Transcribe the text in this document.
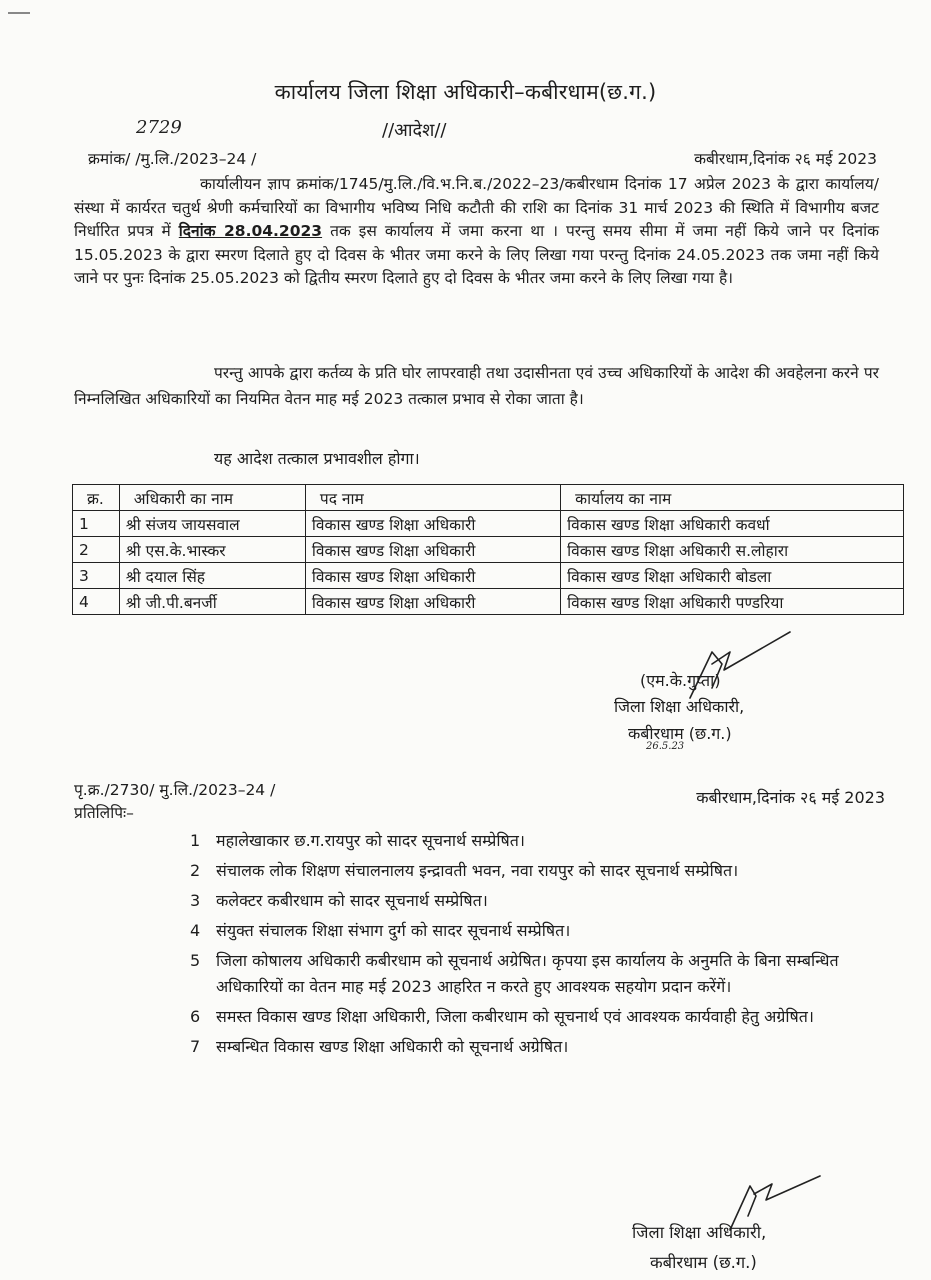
कार्यालय जिला शिक्षा अधिकारी–कबीरधाम(छ.ग.)
2729	//आदेश//
क्रमांक/ /मु.लि./2023–24 /	कबीरधाम,दिनांक २६ मई 2023
कार्यालीयन ज्ञाप क्रमांक/1745/मु.लि./वि.भ.नि.ब./2022–23/कबीरधाम दिनांक 17 अप्रेल 2023 के द्वारा कार्यालय/संस्था में कार्यरत चतुर्थ श्रेणी कर्मचारियों का विभागीय भविष्य निधि कटौती की राशि का दिनांक 31 मार्च 2023 की स्थिति में विभागीय बजट निर्धारित प्रपत्र में दिनांक 28.04.2023 तक इस कार्यालय में जमा करना था । परन्तु समय सीमा में जमा नहीं किये जाने पर दिनांक 15.05.2023 के द्वारा स्मरण दिलाते हुए दो दिवस के भीतर जमा करने के लिए लिखा गया परन्तु दिनांक 24.05.2023 तक जमा नहीं किये जाने पर पुनः दिनांक 25.05.2023 को द्वितीय स्मरण दिलाते हुए दो दिवस के भीतर जमा करने के लिए लिखा गया है।
परन्तु आपके द्वारा कर्तव्य के प्रति घोर लापरवाही तथा उदासीनता एवं उच्च अधिकारियों के आदेश की अवहेलना करने पर निम्नलिखित अधिकारियों का नियमित वेतन माह मई 2023 तत्काल प्रभाव से रोका जाता है।
यह आदेश तत्काल प्रभावशील होगा।
क्र.	अधिकारी का नाम	पद नाम	कार्यालय का नाम
1	श्री संजय जायसवाल	विकास खण्ड शिक्षा अधिकारी	विकास खण्ड शिक्षा अधिकारी कवर्धा
2	श्री एस.के.भास्कर	विकास खण्ड शिक्षा अधिकारी	विकास खण्ड शिक्षा अधिकारी स.लोहारा
3	श्री दयाल सिंह	विकास खण्ड शिक्षा अधिकारी	विकास खण्ड शिक्षा अधिकारी बोडला
4	श्री जी.पी.बनर्जी	विकास खण्ड शिक्षा अधिकारी	विकास खण्ड शिक्षा अधिकारी पण्डरिया
(एम.के.गुप्ता)
जिला शिक्षा अधिकारी,
कबीरधाम (छ.ग.)
26.5.23
पृ.क्र./2730/ मु.लि./2023–24 /
प्रतिलिपिः–
कबीरधाम,दिनांक २६ मई 2023
1 महालेखाकार छ.ग.रायपुर को सादर सूचनार्थ सम्प्रेषित।
2 संचालक लोक शिक्षण संचालनालय इन्द्रावती भवन, नवा रायपुर को सादर सूचनार्थ सम्प्रेषित।
3 कलेक्टर कबीरधाम को सादर सूचनार्थ सम्प्रेषित।
4 संयुक्त संचालक शिक्षा संभाग दुर्ग को सादर सूचनार्थ सम्प्रेषित।
5 जिला कोषालय अधिकारी कबीरधाम को सूचनार्थ अग्रेषित। कृपया इस कार्यालय के अनुमति के बिना सम्बन्धित अधिकारियों का वेतन माह मई 2023 आहरित न करते हुए आवश्यक सहयोग प्रदान करेंगें।
6 समस्त विकास खण्ड शिक्षा अधिकारी, जिला कबीरधाम को सूचनार्थ एवं आवश्यक कार्यवाही हेतु अग्रेषित।
7 सम्बन्धित विकास खण्ड शिक्षा अधिकारी को सूचनार्थ अग्रेषित।
जिला शिक्षा अधिकारी,
कबीरधाम (छ.ग.)
